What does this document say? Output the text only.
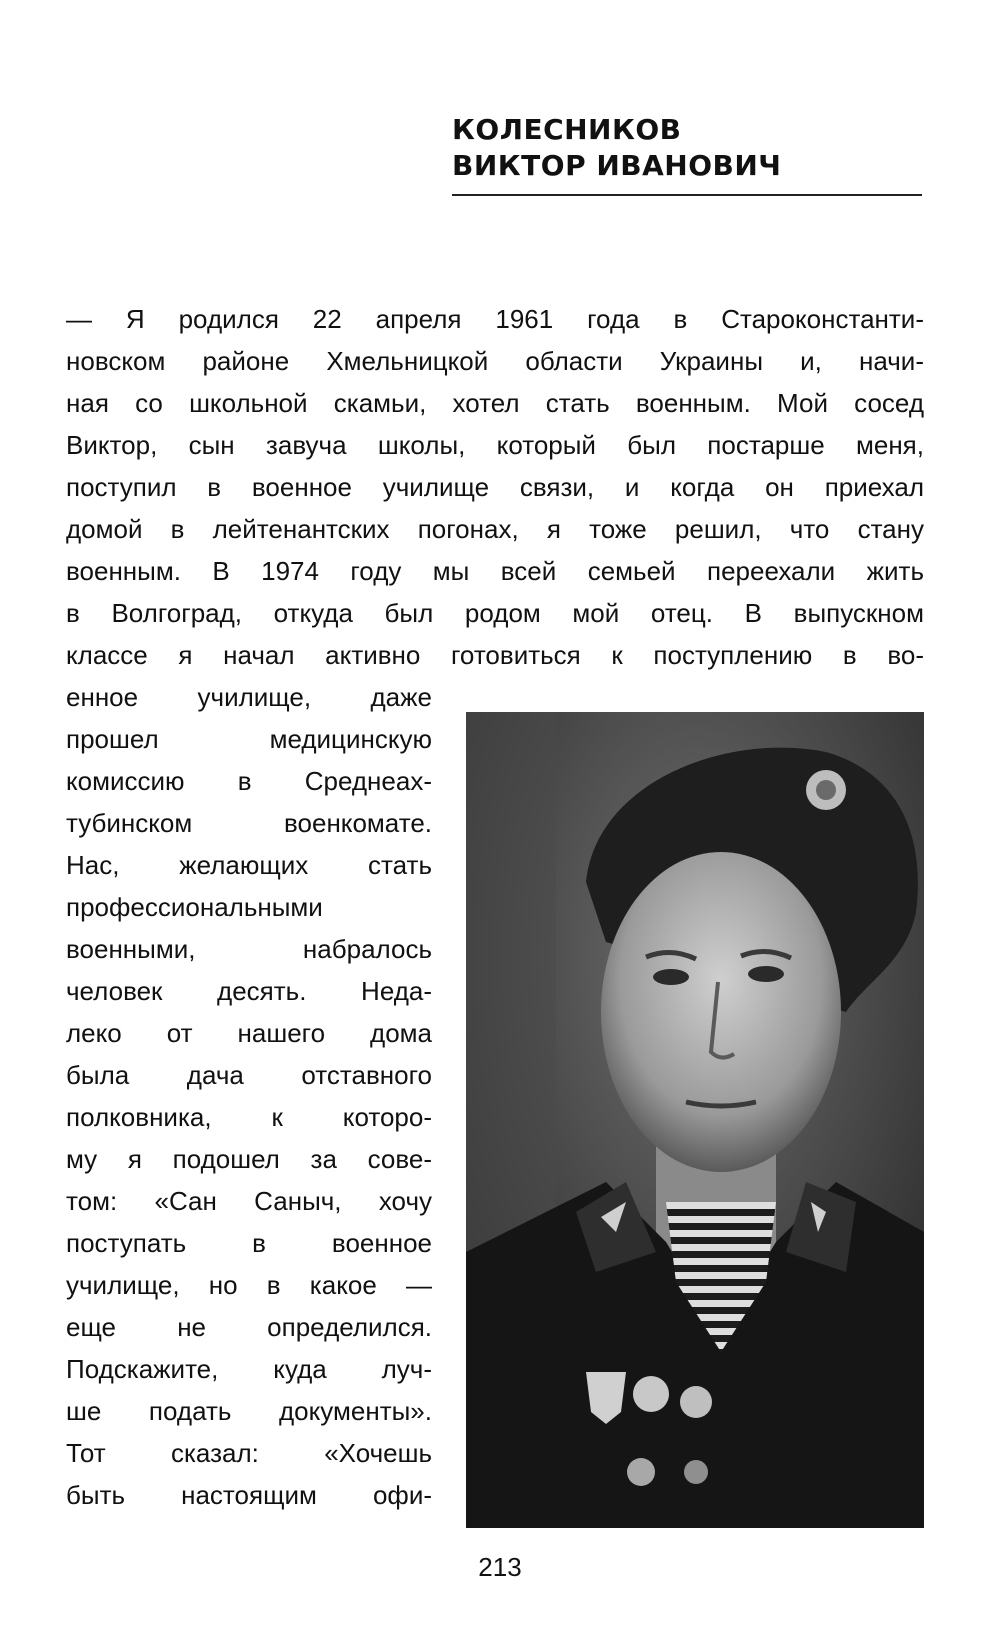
КОЛЕСНИКОВ
ВИКТОР ИВАНОВИЧ
— Я родился 22 апреля 1961 года в Староконстанти-
новском районе Хмельницкой области Украины и, начи-
ная со школьной скамьи, хотел стать военным. Мой сосед
Виктор, сын завуча школы, который был постарше меня,
поступил в военное училище связи, и когда он приехал
домой в лейтенантских погонах, я тоже решил, что стану
военным. В 1974 году мы всей семьей переехали жить
в Волгоград, откуда был родом мой отец. В выпускном
классе я начал активно готовиться к поступлению в во-
енное училище, даже
прошел медицинскую
комиссию в Среднеах-
тубинском военкомате.
Нас, желающих стать
профессиональными
военными, набралось
человек десять. Неда-
леко от нашего дома
была дача отставного
полковника, к которо-
му я подошел за сове-
том: «Сан Саныч, хочу
поступать в военное
училище, но в какое —
еще не определился.
Подскажите, куда луч-
ше подать документы».
Тот сказал: «Хочешь
быть настоящим офи-
213
